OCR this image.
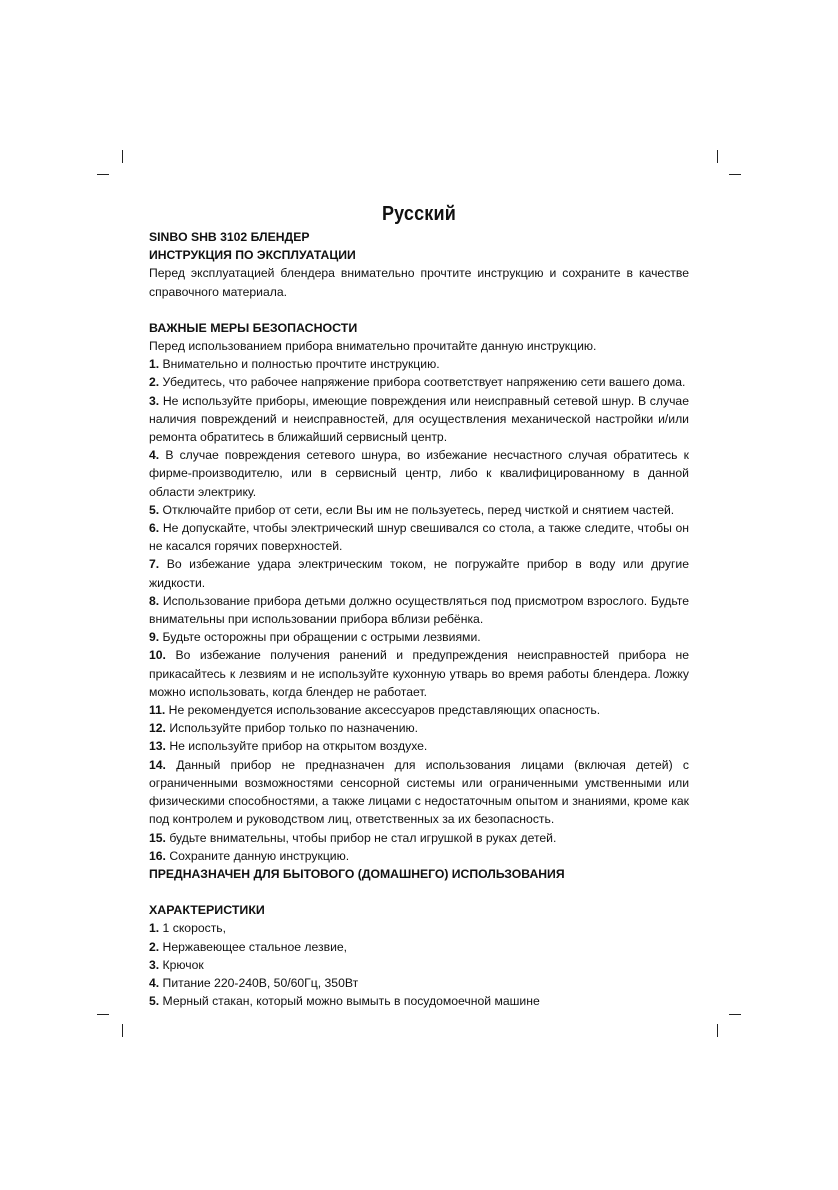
Русский

SINBO SHB 3102 БЛЕНДЕР

ИНСТРУКЦИЯ ПО ЭКСПЛУАТАЦИИ

Перед эксплуатацией блендера внимательно прочтите инструкцию и сохраните в качестве справочного материала.

ВАЖНЫЕ МЕРЫ БЕЗОПАСНОСТИ

Перед использованием прибора внимательно прочитайте данную инструкцию.

1. Внимательно и полностью прочтите инструкцию.

2. Убедитесь, что рабочее напряжение прибора соответствует напряжению сети вашего дома.

3. Не используйте приборы, имеющие повреждения или неисправный сетевой шнур. В случае наличия повреждений и неисправностей, для осуществления механической настройки и/или ремонта обратитесь в ближайший сервисный центр.

4. В случае повреждения сетевого шнура, во избежание несчастного случая обратитесь к фирме-производителю, или в сервисный центр, либо к квалифицированному в данной области электрику.

5. Отключайте прибор от сети, если Вы им не пользуетесь, перед чисткой и снятием частей.

6. Не допускайте, чтобы электрический шнур свешивался со стола, а также следите, чтобы он не касался горячих поверхностей.

7. Во избежание удара электрическим током, не погружайте прибор в воду или другие жидкости.

8. Использование прибора детьми должно осуществляться под присмотром взрослого. Будьте внимательны при использовании прибора вблизи ребёнка.

9. Будьте осторожны при обращении с острыми лезвиями.

10. Во избежание получения ранений и предупреждения неисправностей прибора не прикасайтесь к лезвиям и не используйте кухонную утварь во время работы блендера. Ложку можно использовать, когда блендер не работает.

11. Не рекомендуется использование аксессуаров представляющих опасность.

12. Используйте прибор только по назначению.

13. Не используйте прибор на открытом воздухе.

14. Данный прибор не предназначен для использования лицами (включая детей) с ограниченными возможностями сенсорной системы или ограниченными умственными или физическими способностями, а также лицами с недостаточным опытом и знаниями, кроме как под контролем и руководством лиц, ответственных за их безопасность.

15. будьте внимательны, чтобы прибор не стал игрушкой в руках детей.

16. Сохраните данную инструкцию.

ПРЕДНАЗНАЧЕН ДЛЯ БЫТОВОГО (ДОМАШНЕГО) ИСПОЛЬЗОВАНИЯ

ХАРАКТЕРИСТИКИ

1. 1 скорость,

2. Нержавеющее стальное лезвие,

3. Крючок

4. Питание 220-240В, 50/60Гц, 350Вт

5. Мерный стакан, который можно вымыть в посудомоечной машине
